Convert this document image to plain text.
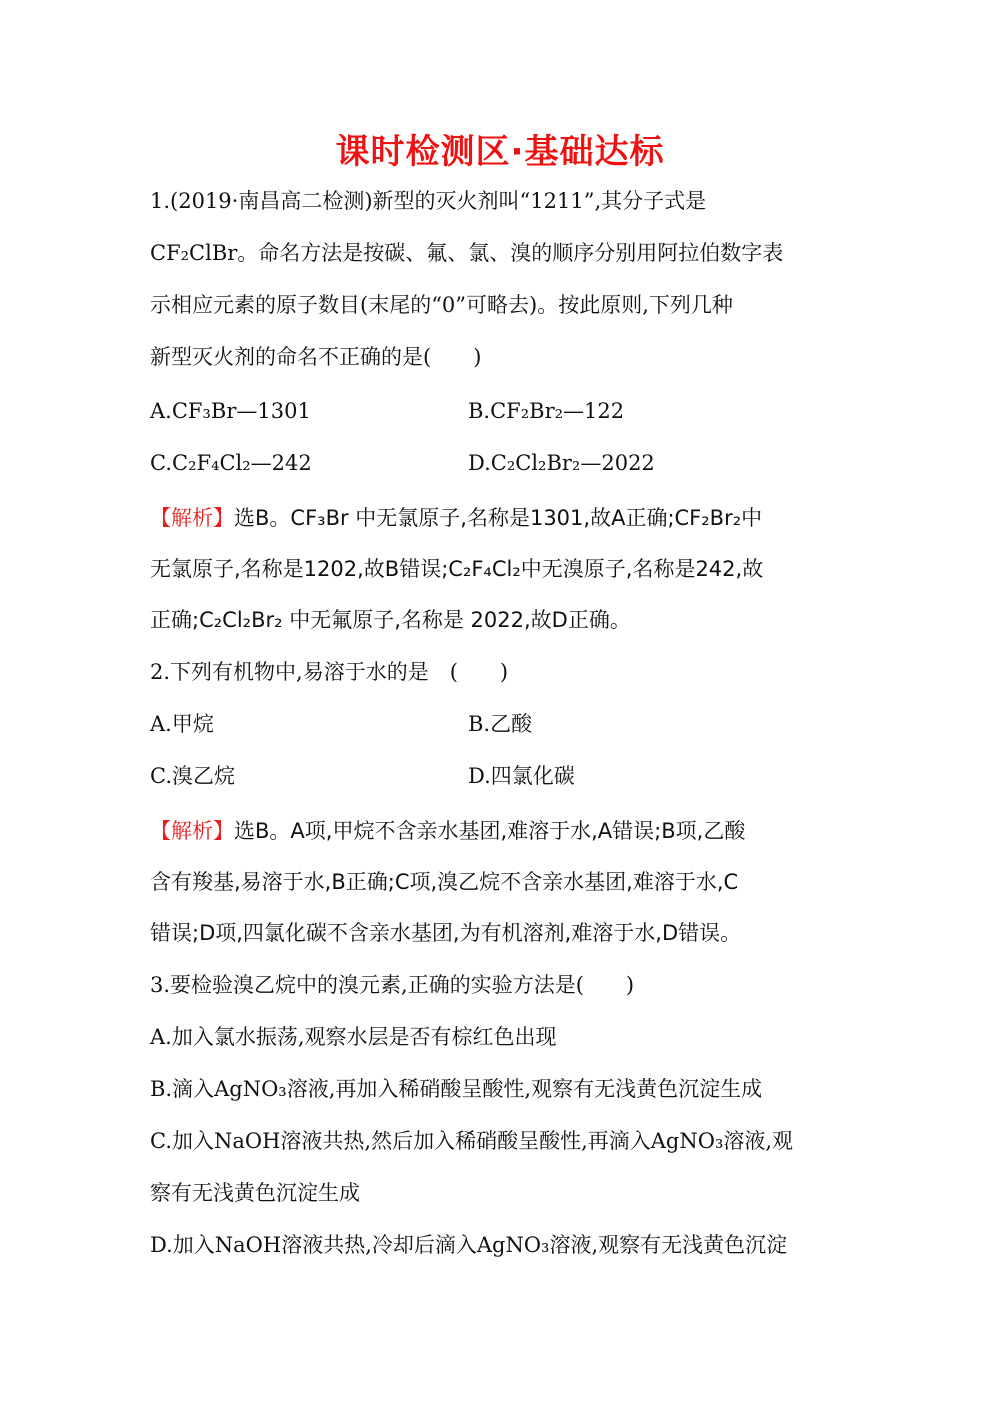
课时检测区·基础达标
1.(2019·南昌高二检测)新型的灭火剂叫“1211”,其分子式是
CF₂ClBr。命名方法是按碳、氟、氯、溴的顺序分别用阿拉伯数字表
示相应元素的原子数目(末尾的“0”可略去)。按此原则,下列几种
新型灭火剂的命名不正确的是(　　)
A.CF₃Br—1301	B.CF₂Br₂—122
C.C₂F₄Cl₂—242	D.C₂Cl₂Br₂—2022
【解析】选B。CF₃Br 中无氯原子,名称是1301,故A正确;CF₂Br₂中
无氯原子,名称是1202,故B错误;C₂F₄Cl₂中无溴原子,名称是242,故
正确;C₂Cl₂Br₂ 中无氟原子,名称是 2022,故D正确。
2.下列有机物中,易溶于水的是　(　　)
A.甲烷	B.乙酸
C.溴乙烷	D.四氯化碳
【解析】选B。A项,甲烷不含亲水基团,难溶于水,A错误;B项,乙酸
含有羧基,易溶于水,B正确;C项,溴乙烷不含亲水基团,难溶于水,C
错误;D项,四氯化碳不含亲水基团,为有机溶剂,难溶于水,D错误。
3.要检验溴乙烷中的溴元素,正确的实验方法是(　　)
A.加入氯水振荡,观察水层是否有棕红色出现
B.滴入AgNO₃溶液,再加入稀硝酸呈酸性,观察有无浅黄色沉淀生成
C.加入NaOH溶液共热,然后加入稀硝酸呈酸性,再滴入AgNO₃溶液,观
察有无浅黄色沉淀生成
D.加入NaOH溶液共热,冷却后滴入AgNO₃溶液,观察有无浅黄色沉淀
